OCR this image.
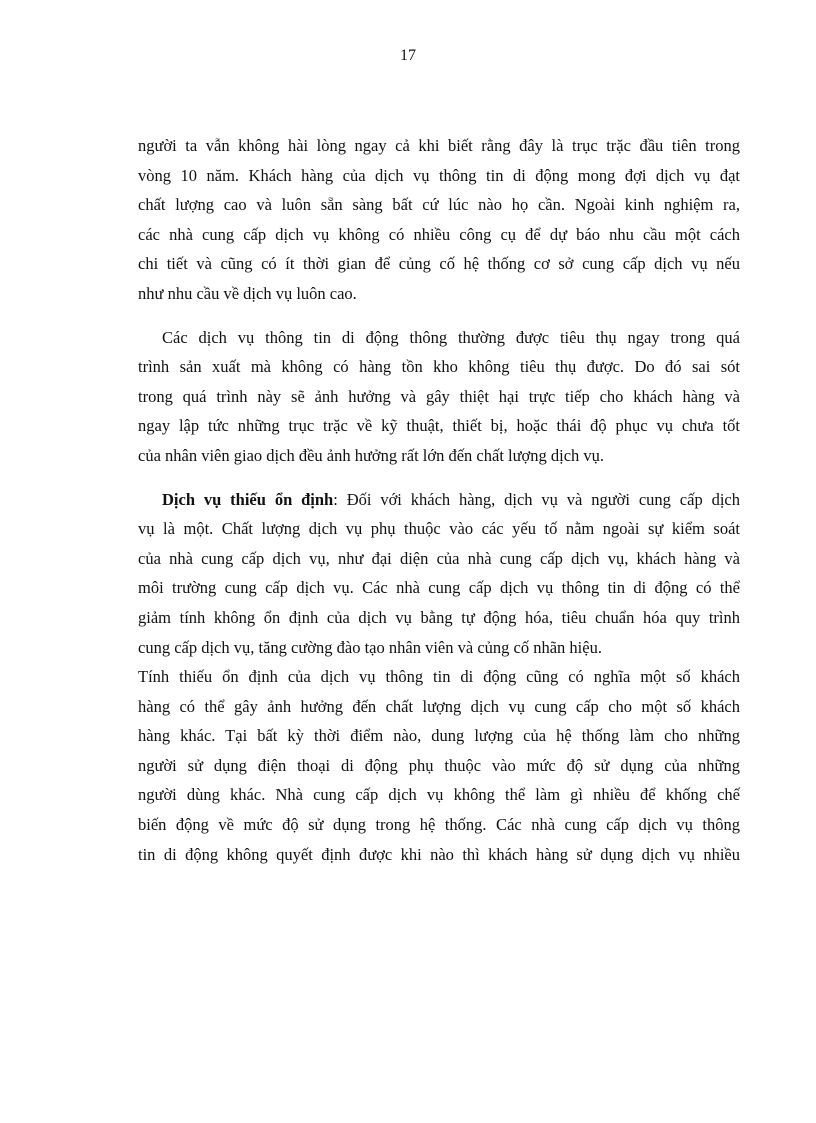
17

người ta vẫn không hài lòng ngay cả khi biết rằng đây là trục trặc đầu tiên trong
vòng 10 năm. Khách hàng của dịch vụ thông tin di động mong đợi dịch vụ đạt
chất lượng cao và luôn sẵn sàng bất cứ lúc nào họ cần. Ngoài kinh nghiệm ra,
các nhà cung cấp dịch vụ không có nhiều công cụ để dự báo nhu cầu một cách
chi tiết và cũng có ít thời gian để củng cố hệ thống cơ sở cung cấp dịch vụ nếu
như nhu cầu về dịch vụ luôn cao.

Các dịch vụ thông tin di động thông thường được tiêu thụ ngay trong quá
trình sản xuất mà không có hàng tồn kho không tiêu thụ được. Do đó sai sót
trong quá trình này sẽ ảnh hưởng và gây thiệt hại trực tiếp cho khách hàng và
ngay lập tức những trục trặc về kỹ thuật, thiết bị, hoặc thái độ phục vụ chưa tốt
của nhân viên giao dịch đều ảnh hưởng rất lớn đến chất lượng dịch vụ.

Dịch vụ thiếu ổn định: Đối với khách hàng, dịch vụ và người cung cấp dịch
vụ là một. Chất lượng dịch vụ phụ thuộc vào các yếu tố nằm ngoài sự kiểm soát
của nhà cung cấp dịch vụ, như đại diện của nhà cung cấp dịch vụ, khách hàng và
môi trường cung cấp dịch vụ. Các nhà cung cấp dịch vụ thông tin di động có thể
giảm tính không ổn định của dịch vụ bằng tự động hóa, tiêu chuẩn hóa quy trình
cung cấp dịch vụ, tăng cường đào tạo nhân viên và củng cố nhãn hiệu.

Tính thiếu ổn định của dịch vụ thông tin di động cũng có nghĩa một số khách
hàng có thể gây ảnh hưởng đến chất lượng dịch vụ cung cấp cho một số khách
hàng khác. Tại bất kỳ thời điểm nào, dung lượng của hệ thống làm cho những
người sử dụng điện thoại di động phụ thuộc vào mức độ sử dụng của những
người dùng khác. Nhà cung cấp dịch vụ không thể làm gì nhiều để khống chế
biến động về mức độ sử dụng trong hệ thống. Các nhà cung cấp dịch vụ thông
tin di động không quyết định được khi nào thì khách hàng sử dụng dịch vụ nhiều
